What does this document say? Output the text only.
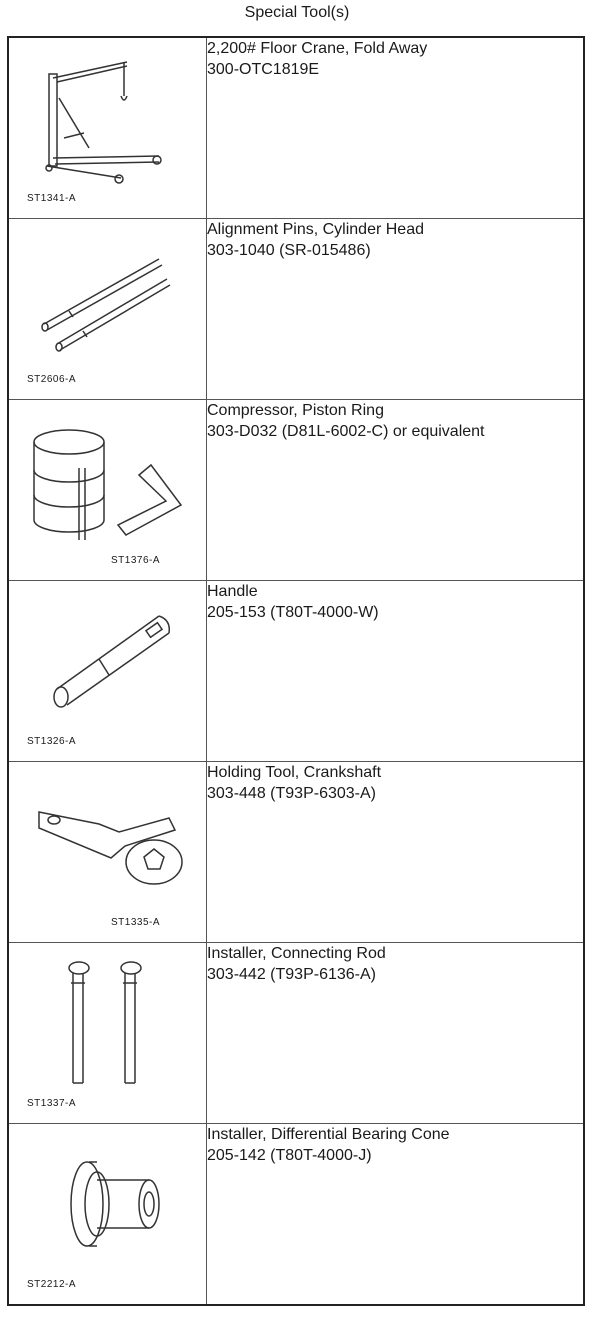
Special Tool(s)
ST1341-A	2,200# Floor Crane, Fold Away
300-OTC1819E

ST2606-A	Alignment Pins, Cylinder Head
303-1040 (SR-015486)

ST1376-A	Compressor, Piston Ring
303-D032 (D81L-6002-C) or equivalent

ST1326-A	Handle
205-153 (T80T-4000-W)

ST1335-A	Holding Tool, Crankshaft
303-448 (T93P-6303-A)

ST1337-A	Installer, Connecting Rod
303-442 (T93P-6136-A)

ST2212-A	Installer, Differential Bearing Cone
205-142 (T80T-4000-J)
